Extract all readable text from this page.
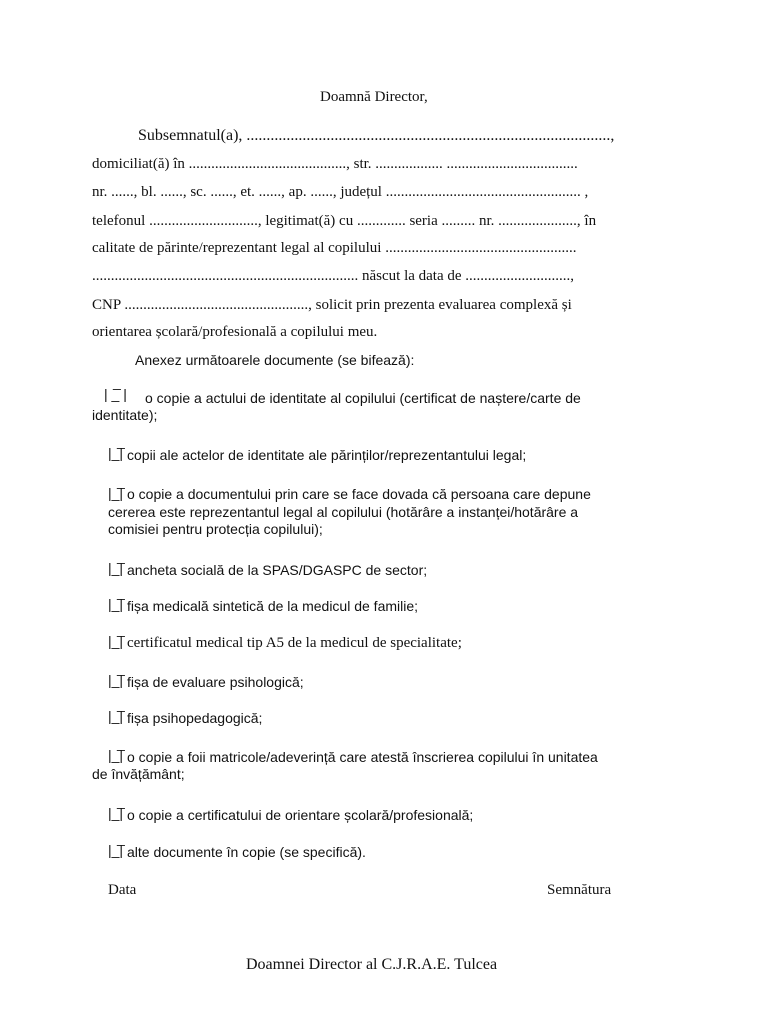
Doamnă Director,
Subsemnatul(a), ...........................................................................................,
domiciliat(ă) în .........................................., str. .................. ...................................
nr. ......, bl. ......, sc. ......, et. ......, ap. ......, județul .................................................... ,
telefonul ............................., legitimat(ă) cu ............. seria ......... nr. ....................., în
calitate de părinte/reprezentant legal al copilului ...................................................
....................................................................... născut la data de ............................,
CNP ................................................., solicit prin prezenta evaluarea complexă și
orientarea școlară/profesională a copilului meu.
Anexez următoarele documente (se bifează):
_
| _ | o copie a actului de identitate al copilului (certificat de naștere/carte de
identitate);
_
|_| copii ale actelor de identitate ale părinților/reprezentantului legal;
_
|_| o copie a documentului prin care se face dovada că persoana care depune
cererea este reprezentantul legal al copilului (hotărâre a instanței/hotărâre a
comisiei pentru protecția copilului);
_
|_| ancheta socială de la SPAS/DGASPC de sector;
_
|_| fișa medicală sintetică de la medicul de familie;
_
|_| certificatul medical tip A5 de la medicul de specialitate;
_
|_| fișa de evaluare psihologică;
_
|_| fișa psihopedagogică;
_
|_| o copie a foii matricole/adeverință care atestă înscrierea copilului în unitatea
de învățământ;
_
|_| o copie a certificatului de orientare școlară/profesională;
_
|_| alte documente în copie (se specifică).
Data	Semnătura
Doamnei Director al C.J.R.A.E. Tulcea
